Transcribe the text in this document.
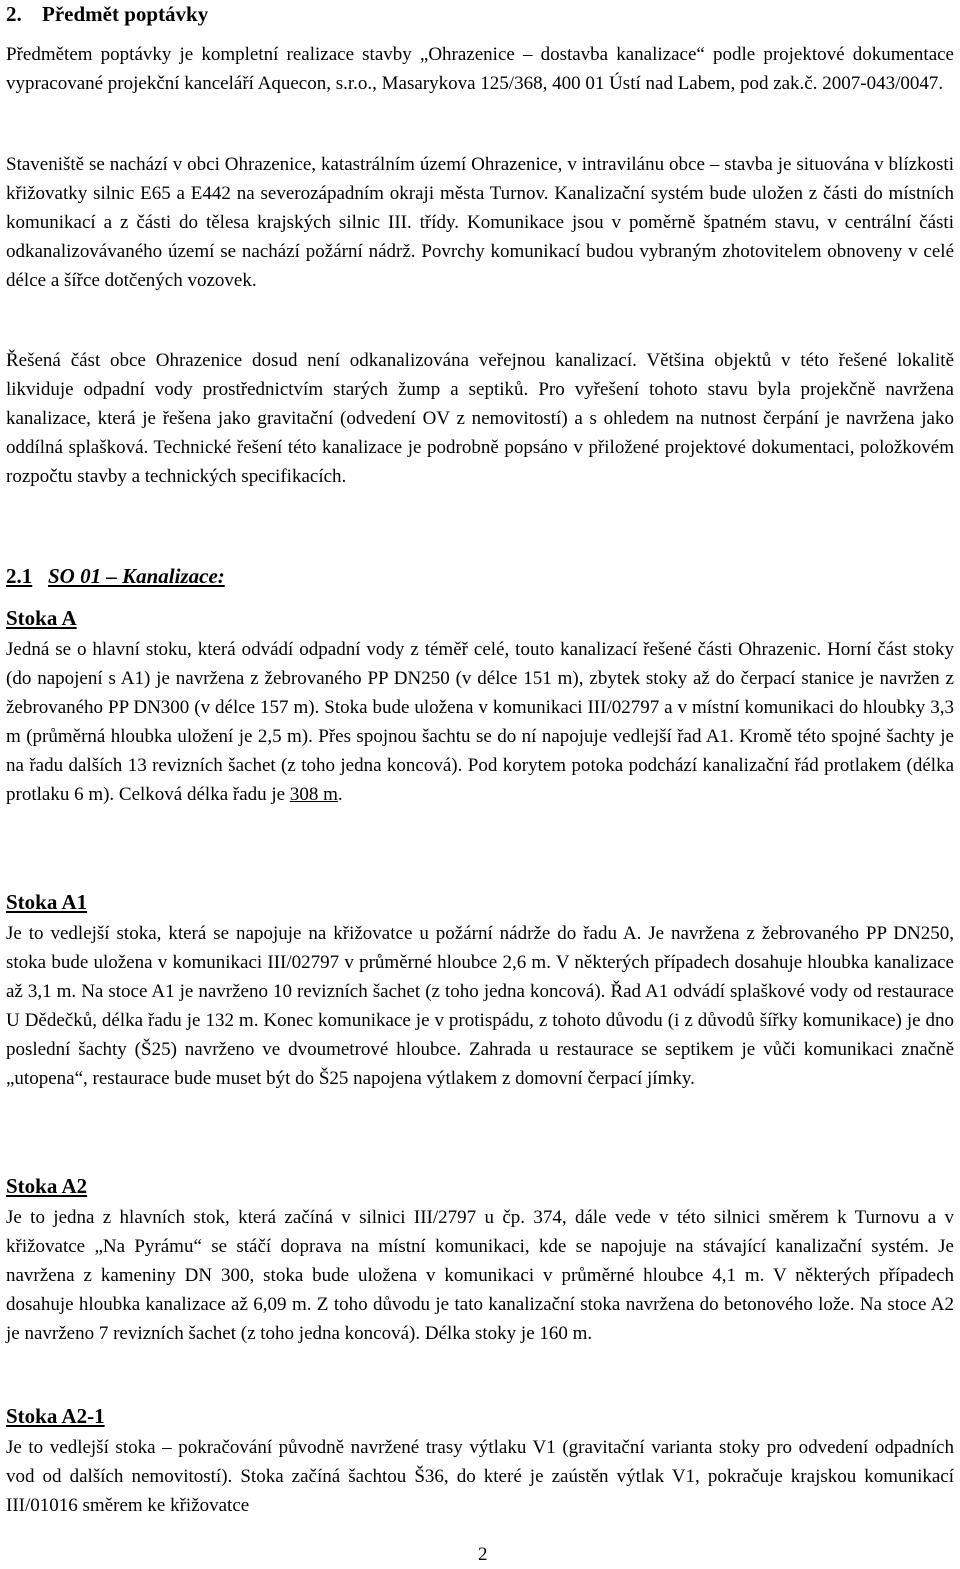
2. Předmět poptávky

Předmětem poptávky je kompletní realizace stavby „Ohrazenice – dostavba kanalizace“ podle projektové dokumentace vypracované projekční kanceláří Aquecon, s.r.o., Masarykova 125/368, 400 01 Ústí nad Labem, pod zak.č. 2007-043/0047.

Staveniště se nachází v obci Ohrazenice, katastrálním území Ohrazenice, v intravilánu obce – stavba je situována v blízkosti křižovatky silnic E65 a E442 na severozápadním okraji města Turnov. Kanalizační systém bude uložen z části do místních komunikací a z části do tělesa krajských silnic III. třídy. Komunikace jsou v poměrně špatném stavu, v centrální části odkanalizovávaného území se nachází požární nádrž. Povrchy komunikací budou vybraným zhotovitelem obnoveny v celé délce a šířce dotčených vozovek.

Řešená část obce Ohrazenice dosud není odkanalizována veřejnou kanalizací. Většina objektů v této řešené lokalitě likviduje odpadní vody prostřednictvím starých žump a septiků. Pro vyřešení tohoto stavu byla projekčně navržena kanalizace, která je řešena jako gravitační (odvedení OV z nemovitostí) a s ohledem na nutnost čerpání je navržena jako oddílná splašková. Technické řešení této kanalizace je podrobně popsáno v přiložené projektové dokumentaci, položkovém rozpočtu stavby a technických specifikacích.

2.1 SO 01 – Kanalizace:
Stoka A

Jedná se o hlavní stoku, která odvádí odpadní vody z téměř celé, touto kanalizací řešené části Ohrazenic. Horní část stoky (do napojení s A1) je navržena z žebrovaného PP DN250 (v délce 151 m), zbytek stoky až do čerpací stanice je navržen z žebrovaného PP DN300 (v délce 157 m). Stoka bude uložena v komunikaci III/02797 a v místní komunikaci do hloubky 3,3 m (průměrná hloubka uložení je 2,5 m). Přes spojnou šachtu se do ní napojuje vedlejší řad A1. Kromě této spojné šachty je na řadu dalších 13 revizních šachet (z toho jedna koncová). Pod korytem potoka podchází kanalizační řád protlakem (délka protlaku 6 m). Celková délka řadu je 308 m.

Stoka A1

Je to vedlejší stoka, která se napojuje na křižovatce u požární nádrže do řadu A. Je navržena z žebrovaného PP DN250, stoka bude uložena v komunikaci III/02797 v průměrné hloubce 2,6 m. V některých případech dosahuje hloubka kanalizace až 3,1 m. Na stoce A1 je navrženo 10 revizních šachet (z toho jedna koncová). Řad A1 odvádí splaškové vody od restaurace U Dědečků, délka řadu je 132 m. Konec komunikace je v protispádu, z tohoto důvodu (i z důvodů šířky komunikace) je dno poslední šachty (Š25) navrženo ve dvoumetrové hloubce. Zahrada u restaurace se septikem je vůči komunikaci značně „utopena“, restaurace bude muset být do Š25 napojena výtlakem z domovní čerpací jímky.

Stoka A2

Je to jedna z hlavních stok, která začíná v silnici III/2797 u čp. 374, dále vede v této silnici směrem k Turnovu a v křižovatce „Na Pyrámu“ se stáčí doprava na místní komunikaci, kde se napojuje na stávající kanalizační systém. Je navržena z kameniny DN 300, stoka bude uložena v komunikaci v průměrné hloubce 4,1 m. V některých případech dosahuje hloubka kanalizace až 6,09 m. Z toho důvodu je tato kanalizační stoka navržena do betonového lože. Na stoce A2 je navrženo 7 revizních šachet (z toho jedna koncová). Délka stoky je 160 m.

Stoka A2-1

Je to vedlejší stoka – pokračování původně navržené trasy výtlaku V1 (gravitační varianta stoky pro odvedení odpadních vod od dalších nemovitostí). Stoka začíná šachtou Š36, do které je zaústěn výtlak V1, pokračuje krajskou komunikací III/01016 směrem ke křižovatce

2
